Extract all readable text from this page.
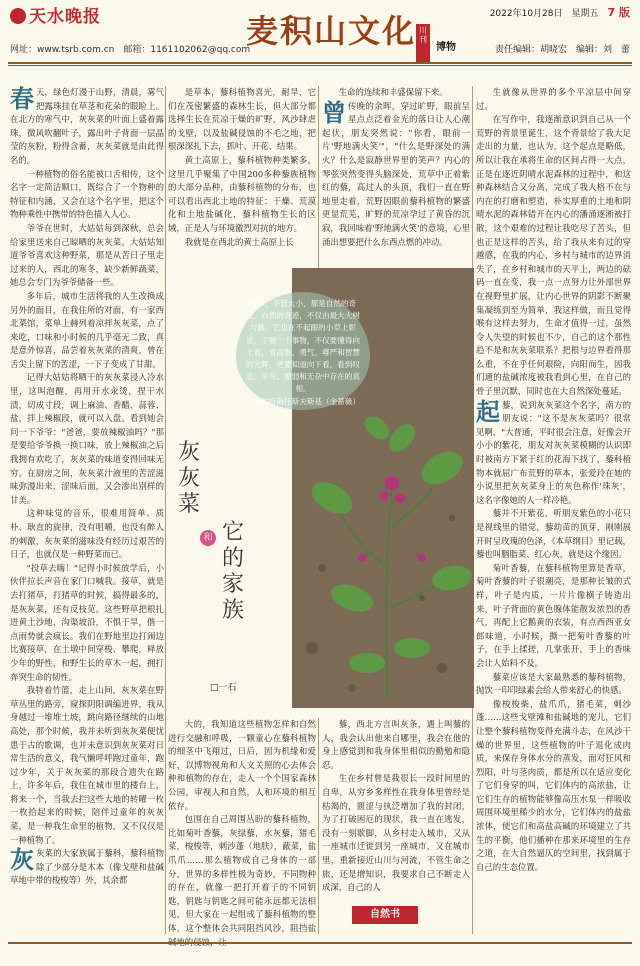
天水晚报
网址：www.tsrb.com.cn　邮箱：1161102062@qq.com
麦积山文化 川刊
博物
2022年10月28日　星期五　 7 版
责任编辑：胡晓宏　编辑：刘　蕾

春天，绿色灯漫于山野，清晨，雾气把露珠挂在草茎和花朵的眼睑上。在北方的寒气中，灰灰菜的叶面上盛着露珠，微风吹翻叶子，露出叶子背面一层晶莹的灰粉，粉得含蓄，灰灰菜就是由此得名的。

一种植物的俗名能被口舌相传，这个名字一定简洁顺口，既综合了一个物种的特征和内涵，又会在这个名字里，把这个物种乘性中携带的特色描入人心。

爷爷在世时，大姑姑每到深秋，总会给家里送来自己晾晒的灰灰菜。大姑姑知道爷爷喜欢这种野菜，那是从苦日子里走过来的人，西北的寒冬，缺少新鲜蔬菜，她总会专门为爷爷储备一些。

多年后，城市生活将我的人生改换成另外的面目，在我住所的对面，有一家西北菜馆，菜单上赫列着凉拌灰灰菜，点了来吃，口味和小时候的几乎毫无二致，真是意外惊喜，品尝着灰灰菜的清爽，曾在舌尖上留下的苦涩，一下子变成了甘甜。

记得大姑姑将晒干的灰灰菜浸入冷水里，这叫泡醒，再用开水汆烫，捏干水渍，切成寸段，调上麻油、香醋、蒜蓉、盐，拌上辣椒段，就可以入盘。看到她会问一下爷爷："爸爸，要放辣椒油吗？"那是要给爷爷换一换口味，放上辣椒油之后我拥有欢吃了，灰灰菜的味道变得回味无穷。在厨房之间，灰灰菜汁液里的苦涩滋味弥漫出来，涩味后面，又会渗出别样的甘美。

这种味觉的音乐，很难用简单、质朴、耿直的旋律，没有咀嚼，也没有醉人的刺激，灰灰菜的滋味没有经历过艰苦的日子，也就仅是一种野菜而已。

"投草去嗨！"记得小时候放学后，小伙伴拉长声音在家门口喊我。接草，就是去打猪草，打猪草的时候，搞得最多的，是灰灰菜，还有反枝苋。这些野草把根扎进黄土沙地，沟渠坡沿，不惧干旱，偕一点雨势就会疯长。我们在野地里边打闹边比赛接草，在土墩中间穿梭、攀爬，释放少年的野性，和野生长的草木一起，拥打奔突生命的韧性。

我特着竹篮，走上山间，灰灰菜在野草丛里的路旁，窥探阴阳调编进界，我从身越过一堆堆土坡，跳向路径继续的山地高处，那个时候，我并未听到灰灰菜便忧患于古的歌调，也并未意识到灰灰菜对日常生活的意义，我气懒呼呼跑过童年，跑过少年，关于灰灰菜的那段合遗失在路上，许多年后，我住在城市里的楼台上，将来一个，当我去拦这些大地的转曜一枚一枚拾起来的时候，陪伴过童年的灰灰菜，是一种我生命里的植物，又不仅仅是一种植物了。

灰灰菜的大家族属于藜科，藜科植物除了少部分是木本（像戈壁和盐碱草地中带的梭梭等）外，其余都

是草本，藜科植物喜光，耐旱，它们在茂密繁盛的森林生长，但大部分都选择生长在荒凉干燥的旷野，风沙肆虐的戈壁，以及盐碱侵蚀的不毛之地，把根深深扎下去，抓叶、开花、结果。

黄土高原上，藜科植物种类繁多，这里几乎聚集了中国200多种藜族植物的大部分品种，由藜科植物的分布，也可以看出西北土地的特征：干燥、荒漠化和土地盐碱化，藜科植物生长的区域，正是人与环境激烈对抗的地方。

我就是在西北的黄土高原上长

生命的连续和丰盛保留下来。

曾传晚的余晖，穿过旷野，眼前呈星点点泛着金光的落日让人心潮起伏，朋友突然说："你看，眼前一片'野地满火笑'"，"什么是野深处的满火？什么是寂静世界里的笑声？内心的琴弦突然变得头脑深处，荒草中正着紫红的藜，高过人的头顶，我们一直在野地里走着，荒野因眼前藜科植物的繁盛更显荒芜，旷野的荒凉孕过了黄昏的沉寂，我回味着'野地满火笑'的意境，心里涌出想要把什么东西点燃的冲动。

草本，不管大小，都是自然的奇迹，自然的奇迹，不仅由最大大树与藤，它也在不起眼的小草上彰显，了解一个事物，不仅要懂得向上看，看高贵、勇气、尊严和智慧的光辉，更要知道向下看，看到叹息、辛劳、脆弱和无杂中存在的真相。
——帕特斯托斯夫斯基（金蔷薇）
灰灰菜
和 它的家族
□一石

大的，我知道这些植物怎样和自然进行交融和呼吸，一颗童心在藜科植物的细茎中飞翔过，日后，因为机缘和爱好，以博物视角和人文关照的心去体会种和植物的存在，走入一个个国家森林公园，审视人和自然，人和环境的相互依存。

包围在自己周围丛盼的藜科植物，比如菊叶香藜，灰绿藜，水灰藜，猪毛菜，梭梭等，刺沙蓬（地肤），蔽菜，盐爪爪……那么植物成自己身体的一部分，世界的多样性极为奇妙，不同物种的存在，就像一把打开着子的不同钥匙，钥匙与钥匙之间可能永远都无法相见，但大家在一起组成了藜科植物的整体，这个整体会共同阻挡风沙，阻挡盐

藜，西北方言叫灰条，遇上叫藜的人，我会认出他来自哪里，我会在他的身上感觉到和我身体里相似的勤勉和隐忍。

生在乡村曾是我很长一段时间里的自卑，从穷乡多样性在我身体里曾经是枯竭的，匮涩与执泛增加了我的封闭，为了打破困厄的现状，我一直在逃发，没有一刻歇脚，从乡村走入城市，又从一座城市迁徙到另一座城市，又在城市里，重新接近山川与河流，不管生命之旅，还是增知识，我要求自己不断走入成深，自己的人

自然书

生就像从世界的多个平凉层中间穿过。

在写作中，我逐渐意识到自己从一个荒野的背景里诞生，这个背景给了我大足走出的力量，也认为，这个起点是略低，所以让我在承将生命的区间占得一大点，正是在逐近阴晴水泥森林的过程中，和这种森林结合又分离，完成了我人格不在与内在的打磨和塑造，朴实厚重的土地和阴晴水泥的森林错开在内心的潘涌逐淅被打散，这个艰难的过程让我吃尽了苦头，但也正是这样的苦头，给了我从来有过的穿越感，在我的内心，乡村与城市的边界消失了，在乡村和城市的天平上，两边的砝码一直在变，我一点一点努力让外部世界在视野里扩展，让内心世界的阴影不断聚集凝练到至为简单，我这样做，而且觉得喉有这样去努力，生命才值得一过，虽然令人失望的时候也不少，自己的这个那性趋不是和灰灰菜联系？把根与边界看得那么重，不在乎任何艰险，向阳而生，因我们通的盐碱浓度被我看到心里，在自己的骨子里沉默，同时也在大自然深处蔓延。

起藜，说到灰灰菜这个名字，南方的朋友说："这不是灰灰菜吗？很常见啊，"大普通，平时很会注意，好像会开小小的紫花，朋友对灰灰菜模糊的认识即时被南方下紧于红的花海下找了，藜科植物本就屈广布荒野的草本，张爱玲在她的小说里把灰灰菜身上的灰色称作'珠灰'，这名字像她的人一样冷艳。

藜并不开紫花，听朋友紫色的小花只是视线里的错觉，藜幼苗的顶芽，刚刚展开时呈玫瑰的色泽，《本草纲目》里记载，藜也叫胭脂菜、红心灰，就是这个缘因。

菊叶香藜，在藜科植物里算是香草，菊叶香藜的叶子很潮亮，是那种长皱的式样，叶子是内质，一片片像横子铸造出来，叶子背面的黄色腺体能散发浓烈的香气，再配上它鹅黄的衣装，有点西西亚女郎味道，小时候，撕一把菊叶香藜的叶子，在手上揉搓，几掌张开，手上的香味会让人始料不及。

藜菜应该是大家最熟悉的藜科植物，抛饮一印印绿素会给人带来舒心的快感。

像梭梭柴，盐爪爪，猪毛菜，刺沙蓬……这些戈壁滩和盐碱地的宠儿，它们让整个藜科植物变得充满斗志，在风沙干燥的世界里，这些植物的叶子退化成肉质，来保存身体水分的蒸发，面对狂风和烈阳，叶与茎肉质，都是所以在适应变化了它们身穿的叫，它们体内的高浓盐，让它们生存的植物能够像高压水泵一样吸收周围环境里稀少的水分，它们体内的盐盐浓体，使它们和高盐高碱的环境建立了共生的平衡，他们播种在那来环境里的生存之道，在大自然逼仄的空间里，找到属于自己的生态位置。
